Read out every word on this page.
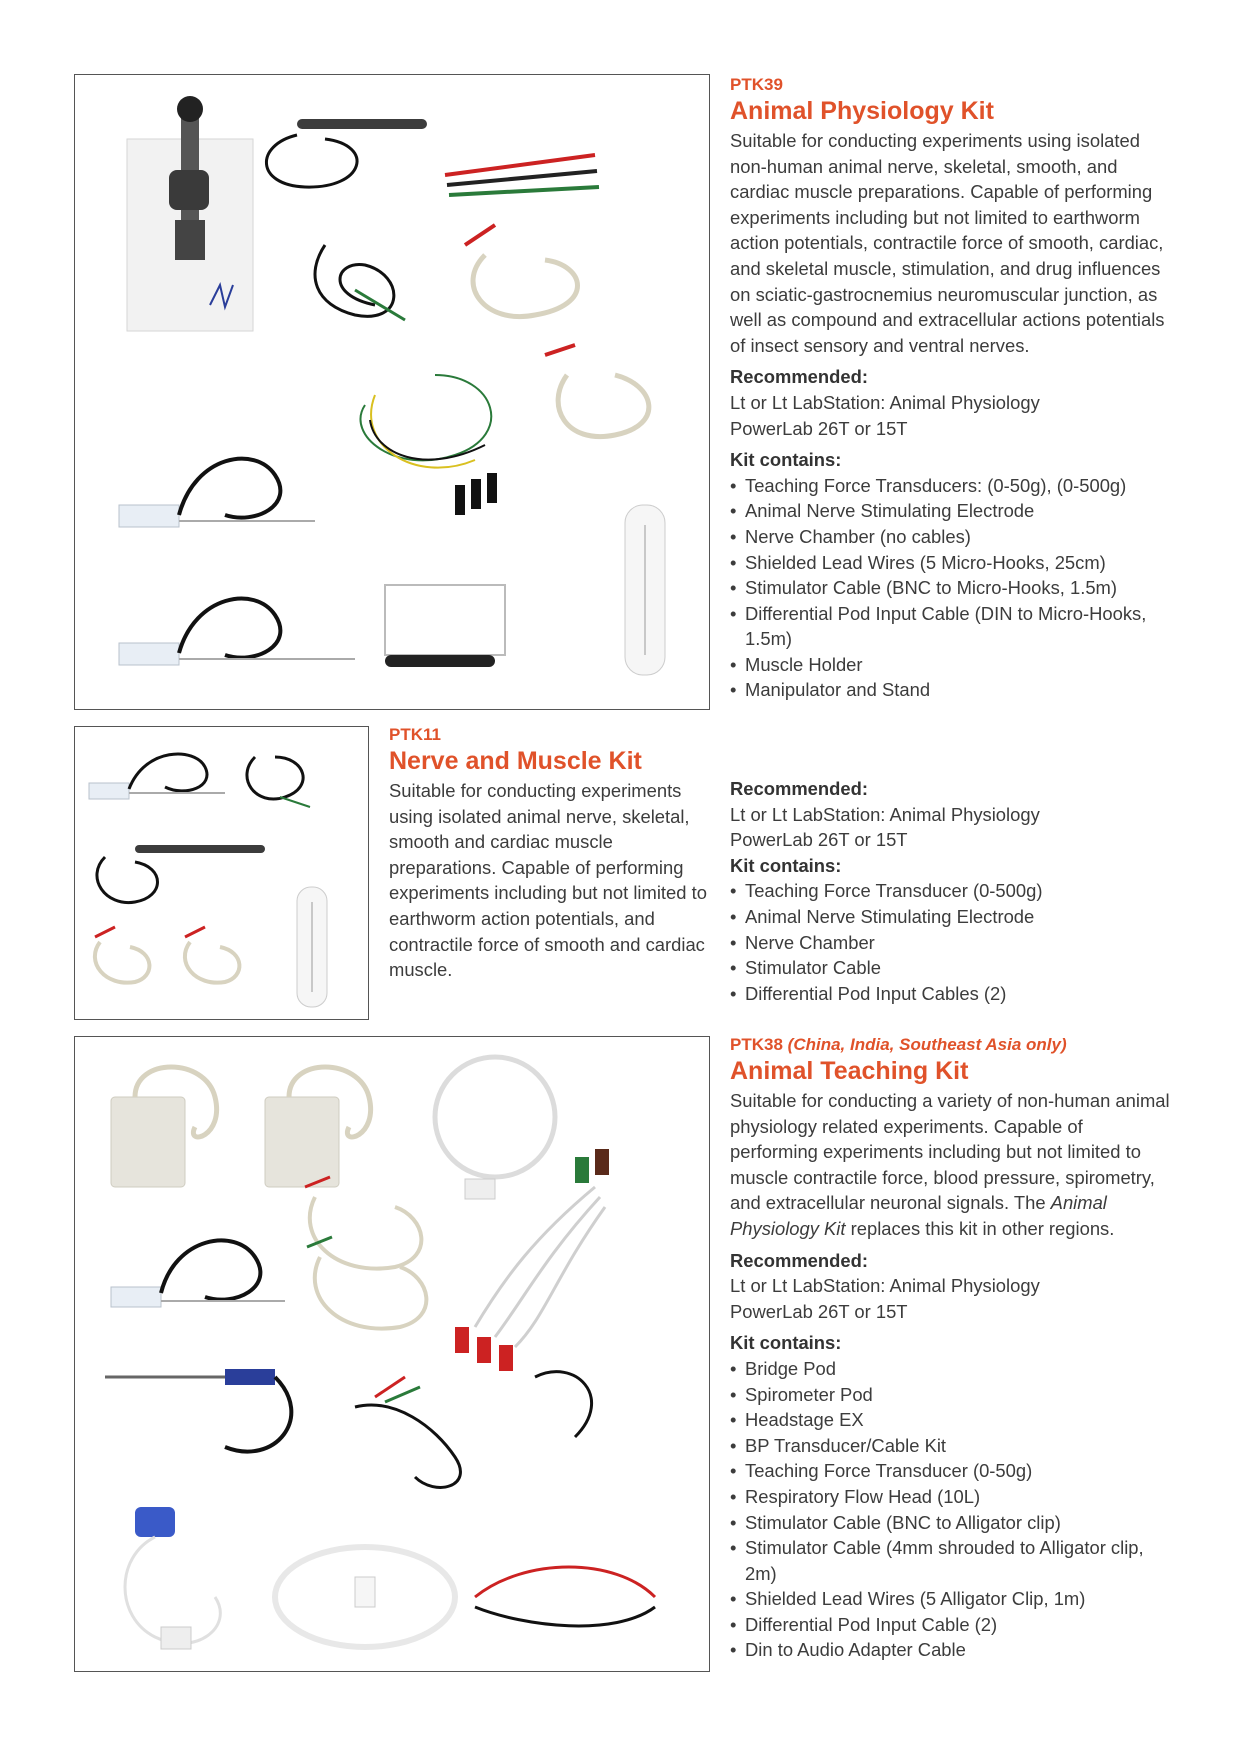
PTK39
Animal Physiology Kit

Suitable for conducting experiments using isolated non-human animal nerve, skeletal, smooth, and cardiac muscle preparations. Capable of performing experiments including but not limited to earthworm action potentials, contractile force of smooth, cardiac, and skeletal muscle, stimulation, and drug influences on sciatic-gastrocnemius neuromuscular junction, as well as compound and extracellular actions potentials of insect sensory and ventral nerves.

Recommended:
Lt or Lt LabStation: Animal Physiology
PowerLab 26T or 15T
Kit contains:
• Teaching Force Transducers: (0-50g), (0-500g)
• Animal Nerve Stimulating Electrode
• Nerve Chamber (no cables)
• Shielded Lead Wires (5 Micro-Hooks, 25cm)
• Stimulator Cable (BNC to Micro-Hooks, 1.5m)
• Differential Pod Input Cable (DIN to Micro-Hooks, 1.5m)
• Muscle Holder
• Manipulator and Stand
PTK11
Nerve and Muscle Kit

Suitable for conducting experiments using isolated animal nerve, skeletal, smooth and cardiac muscle preparations. Capable of performing experiments including but not limited to earthworm action potentials, and contractile force of smooth and cardiac muscle.

Recommended:
Lt or Lt LabStation: Animal Physiology
PowerLab 26T or 15T
Kit contains:
• Teaching Force Transducer (0-500g)
• Animal Nerve Stimulating Electrode
• Nerve Chamber
• Stimulator Cable
• Differential Pod Input Cables (2)
PTK38 (China, India, Southeast Asia only)
Animal Teaching Kit

Suitable for conducting a variety of non-human animal physiology related experiments. Capable of performing experiments including but not limited to muscle contractile force, blood pressure, spirometry, and extracellular neuronal signals. The Animal Physiology Kit replaces this kit in other regions.

Recommended:
Lt or Lt LabStation: Animal Physiology
PowerLab 26T or 15T
Kit contains:
• Bridge Pod
• Spirometer Pod
• Headstage EX
• BP Transducer/Cable Kit
• Teaching Force Transducer (0-50g)
• Respiratory Flow Head (10L)
• Stimulator Cable (BNC to Alligator clip)
• Stimulator Cable (4mm shrouded to Alligator clip, 2m)
• Shielded Lead Wires (5 Alligator Clip, 1m)
• Differential Pod Input Cable (2)
• Din to Audio Adapter Cable
